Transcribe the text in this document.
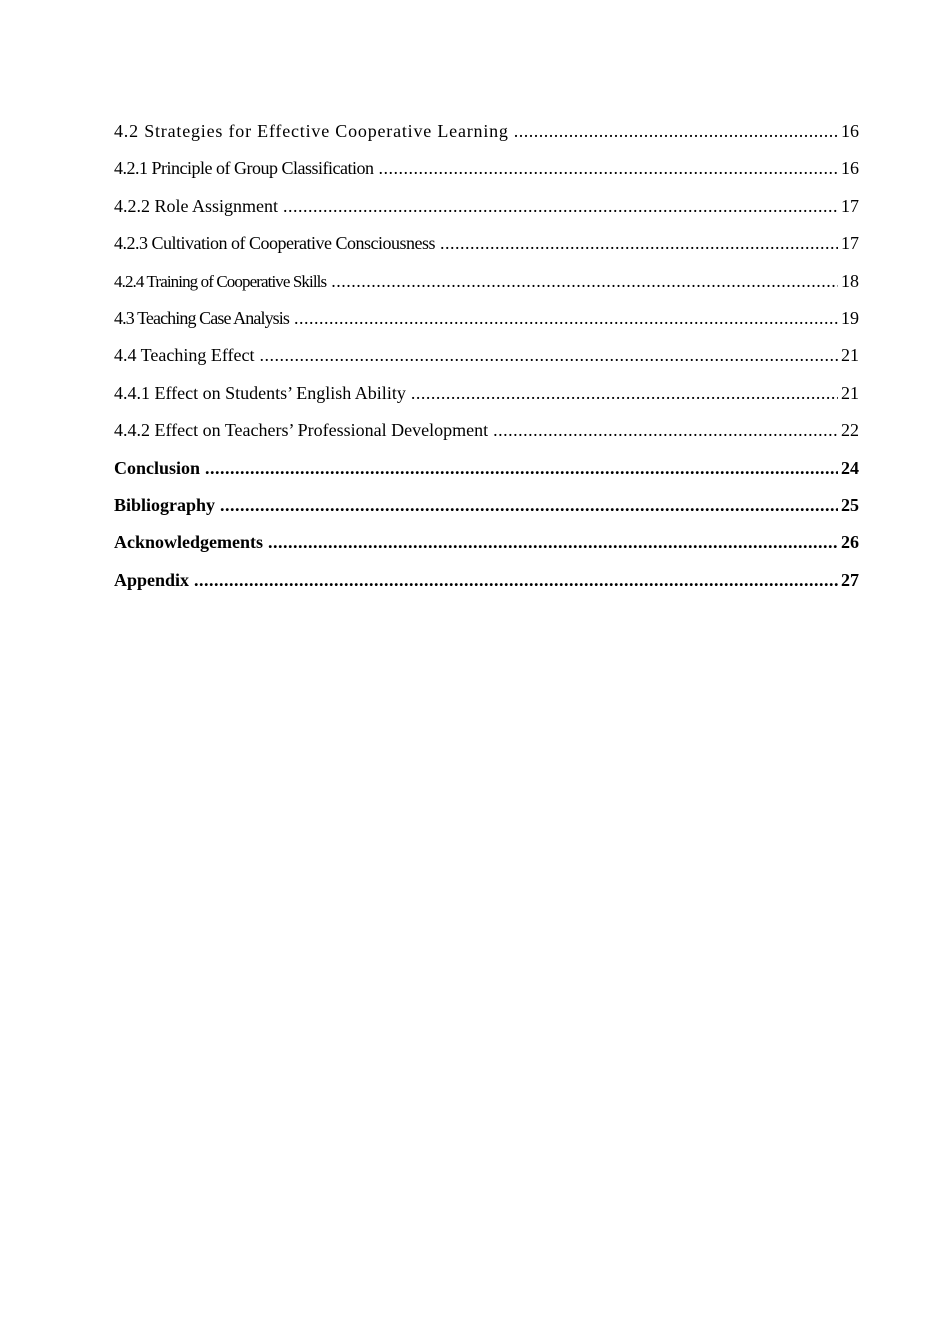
4.2 Strategies for Effective Cooperative Learning .....	16
4.2.1 Principle of Group Classification .....	16
4.2.2 Role Assignment .....	17
4.2.3 Cultivation of Cooperative Consciousness .....	17
4.2.4 Training of Cooperative Skills .....	18
4.3 Teaching Case Analysis .....	19
4.4 Teaching Effect .....	21
4.4.1 Effect on Students’ English Ability .....	21
4.4.2 Effect on Teachers’ Professional Development .....	22
Conclusion .....	24
Bibliography .....	25
Acknowledgements .....	26
Appendix .....	27
